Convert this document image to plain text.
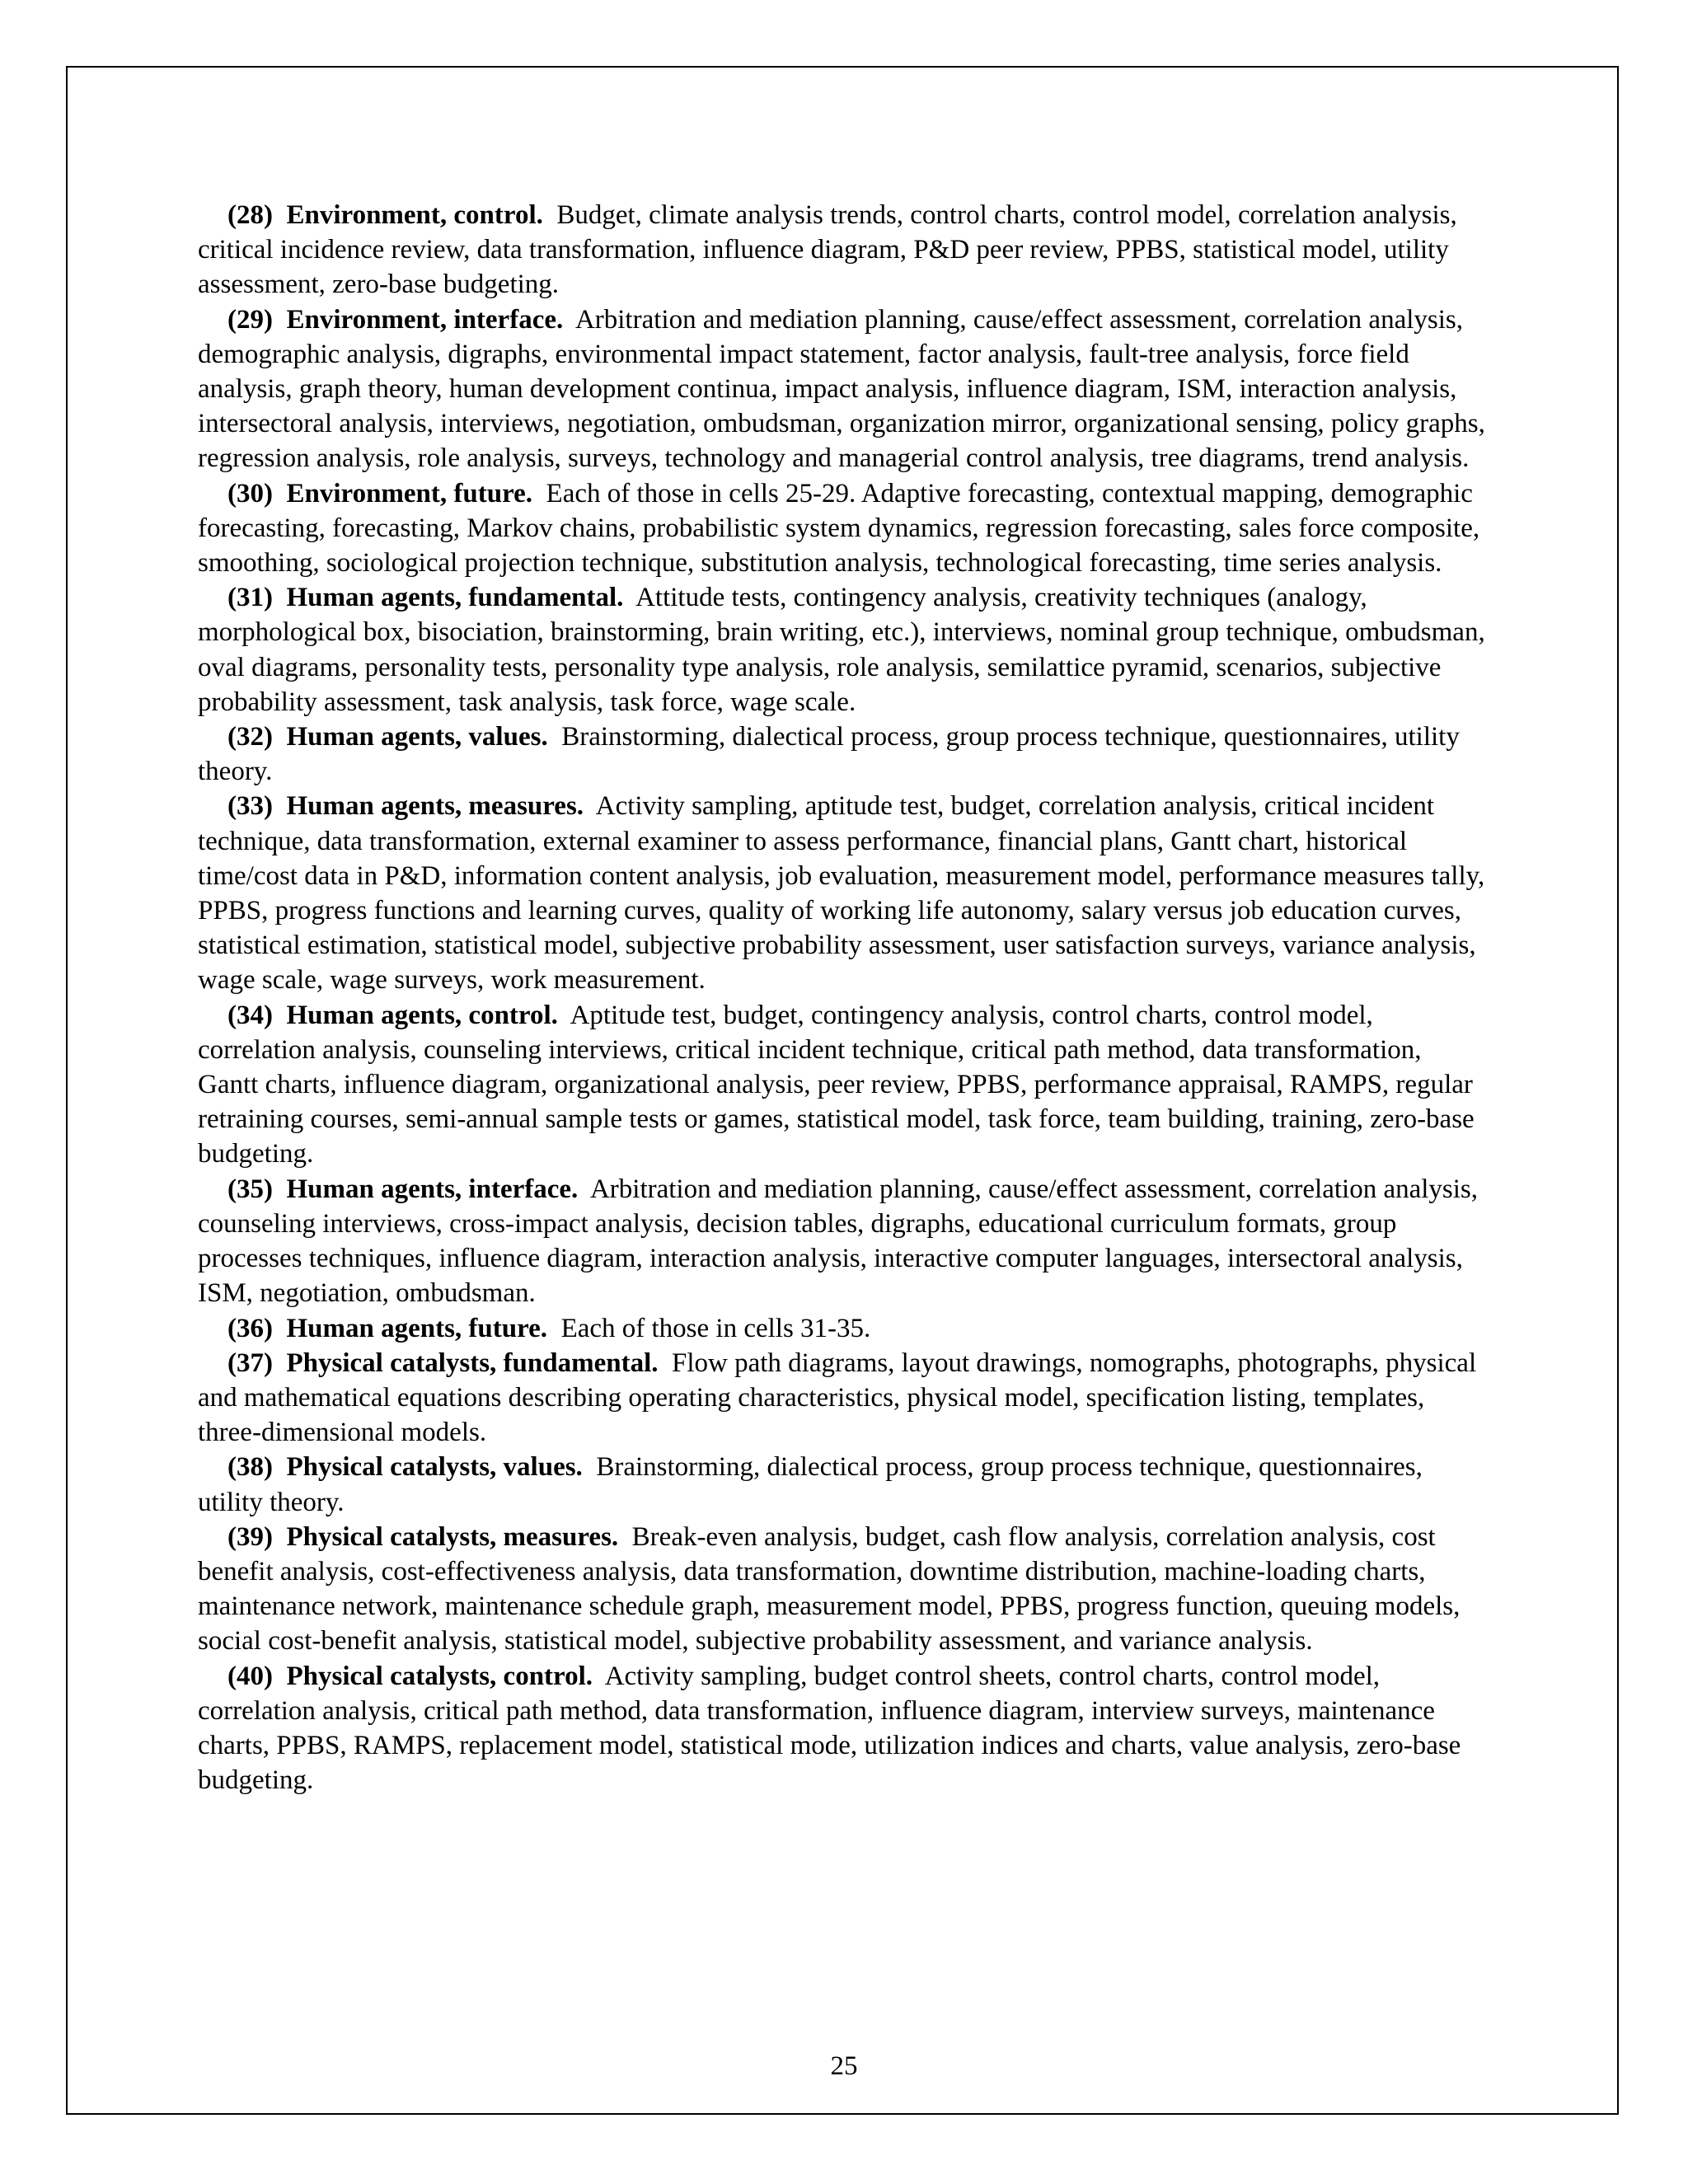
(28) Environment, control. Budget, climate analysis trends, control charts, control model, correlation analysis, critical incidence review, data transformation, influence diagram, P&D peer review, PPBS, statistical model, utility assessment, zero-base budgeting.

(29) Environment, interface. Arbitration and mediation planning, cause/effect assessment, correlation analysis, demographic analysis, digraphs, environmental impact statement, factor analysis, fault-tree analysis, force field analysis, graph theory, human development continua, impact analysis, influence diagram, ISM, interaction analysis, intersectoral analysis, interviews, negotiation, ombudsman, organization mirror, organizational sensing, policy graphs, regression analysis, role analysis, surveys, technology and managerial control analysis, tree diagrams, trend analysis.

(30) Environment, future. Each of those in cells 25-29. Adaptive forecasting, contextual mapping, demographic forecasting, forecasting, Markov chains, probabilistic system dynamics, regression forecasting, sales force composite, smoothing, sociological projection technique, substitution analysis, technological forecasting, time series analysis.

(31) Human agents, fundamental. Attitude tests, contingency analysis, creativity techniques (analogy, morphological box, bisociation, brainstorming, brain writing, etc.), interviews, nominal group technique, ombudsman, oval diagrams, personality tests, personality type analysis, role analysis, semilattice pyramid, scenarios, subjective probability assessment, task analysis, task force, wage scale.

(32) Human agents, values. Brainstorming, dialectical process, group process technique, questionnaires, utility theory.

(33) Human agents, measures. Activity sampling, aptitude test, budget, correlation analysis, critical incident technique, data transformation, external examiner to assess performance, financial plans, Gantt chart, historical time/cost data in P&D, information content analysis, job evaluation, measurement model, performance measures tally, PPBS, progress functions and learning curves, quality of working life autonomy, salary versus job education curves, statistical estimation, statistical model, subjective probability assessment, user satisfaction surveys, variance analysis, wage scale, wage surveys, work measurement.

(34) Human agents, control. Aptitude test, budget, contingency analysis, control charts, control model, correlation analysis, counseling interviews, critical incident technique, critical path method, data transformation, Gantt charts, influence diagram, organizational analysis, peer review, PPBS, performance appraisal, RAMPS, regular retraining courses, semi-annual sample tests or games, statistical model, task force, team building, training, zero-base budgeting.

(35) Human agents, interface. Arbitration and mediation planning, cause/effect assessment, correlation analysis, counseling interviews, cross-impact analysis, decision tables, digraphs, educational curriculum formats, group processes techniques, influence diagram, interaction analysis, interactive computer languages, intersectoral analysis, ISM, negotiation, ombudsman.

(36) Human agents, future. Each of those in cells 31-35.

(37) Physical catalysts, fundamental. Flow path diagrams, layout drawings, nomographs, photographs, physical and mathematical equations describing operating characteristics, physical model, specification listing, templates, three-dimensional models.

(38) Physical catalysts, values. Brainstorming, dialectical process, group process technique, questionnaires, utility theory.

(39) Physical catalysts, measures. Break-even analysis, budget, cash flow analysis, correlation analysis, cost benefit analysis, cost-effectiveness analysis, data transformation, downtime distribution, machine-loading charts, maintenance network, maintenance schedule graph, measurement model, PPBS, progress function, queuing models, social cost-benefit analysis, statistical model, subjective probability assessment, and variance analysis.

(40) Physical catalysts, control. Activity sampling, budget control sheets, control charts, control model, correlation analysis, critical path method, data transformation, influence diagram, interview surveys, maintenance charts, PPBS, RAMPS, replacement model, statistical mode, utilization indices and charts, value analysis, zero-base budgeting.

25
